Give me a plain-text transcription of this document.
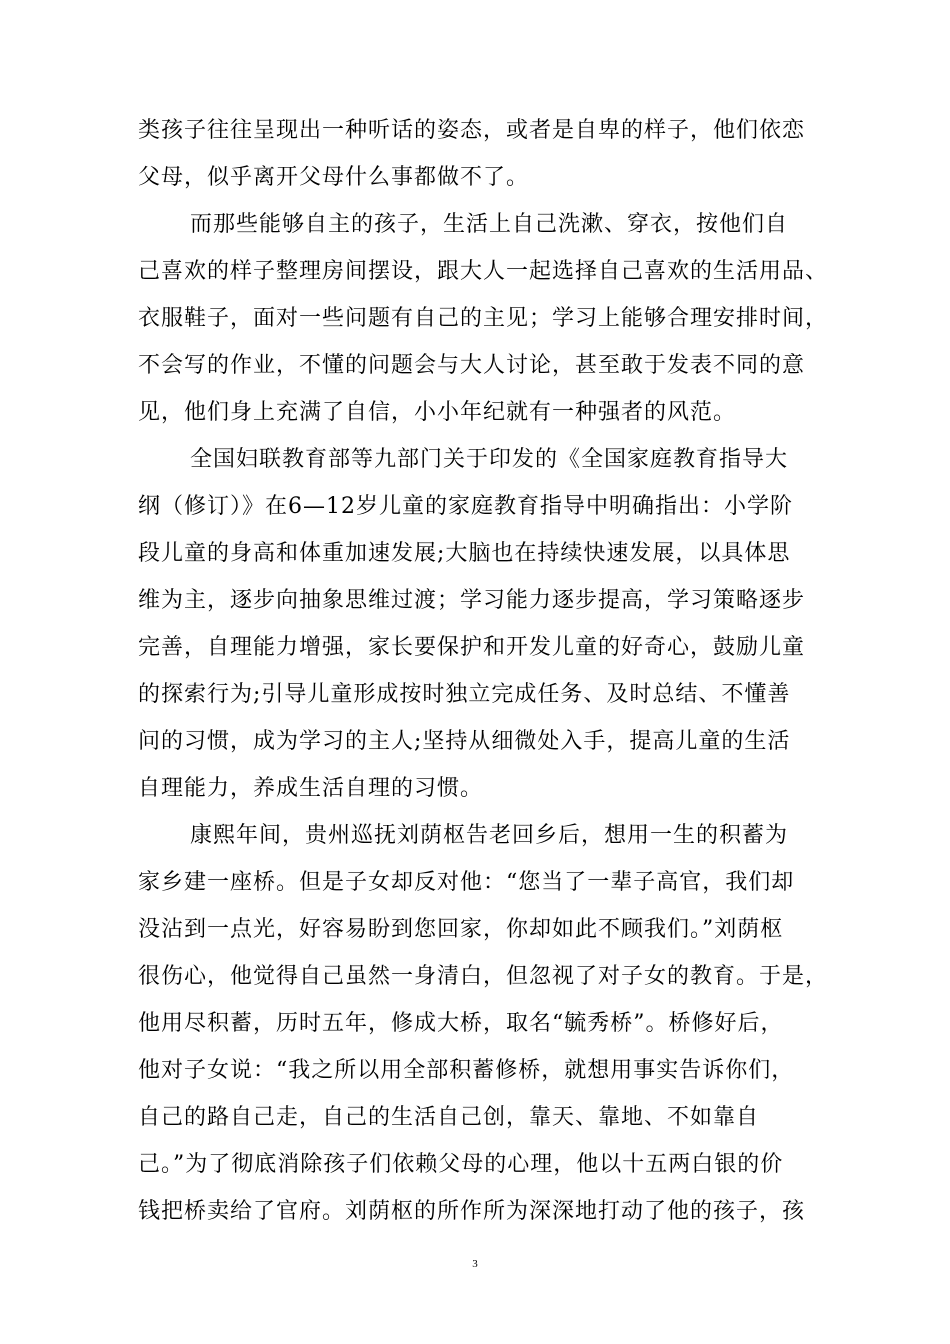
类孩子往往呈现出一种听话的姿态，或者是自卑的样子，他们依恋
父母，似乎离开父母什么事都做不了。
而那些能够自主的孩子，生活上自己洗漱、穿衣，按他们自
己喜欢的样子整理房间摆设，跟大人一起选择自己喜欢的生活用品、
衣服鞋子，面对一些问题有自己的主见；学习上能够合理安排时间，
不会写的作业，不懂的问题会与大人讨论，甚至敢于发表不同的意
见，他们身上充满了自信，小小年纪就有一种强者的风范。
全国妇联教育部等九部门关于印发的《全国家庭教育指导大
纲（修订）》在6—12岁儿童的家庭教育指导中明确指出：小学阶
段儿童的身高和体重加速发展;大脑也在持续快速发展，以具体思
维为主，逐步向抽象思维过渡；学习能力逐步提高，学习策略逐步
完善，自理能力增强，家长要保护和开发儿童的好奇心，鼓励儿童
的探索行为;引导儿童形成按时独立完成任务、及时总结、不懂善
问的习惯，成为学习的主人;坚持从细微处入手，提高儿童的生活
自理能力，养成生活自理的习惯。
康熙年间，贵州巡抚刘荫枢告老回乡后，想用一生的积蓄为
家乡建一座桥。但是子女却反对他：“您当了一辈子高官，我们却
没沾到一点光，好容易盼到您回家，你却如此不顾我们。”刘荫枢
很伤心，他觉得自己虽然一身清白，但忽视了对子女的教育。于是，
他用尽积蓄，历时五年，修成大桥，取名“毓秀桥”。桥修好后，
他对子女说：“我之所以用全部积蓄修桥，就想用事实告诉你们，
自己的路自己走，自己的生活自己创，靠天、靠地、不如靠自
己。”为了彻底消除孩子们依赖父母的心理，他以十五两白银的价
钱把桥卖给了官府。刘荫枢的所作所为深深地打动了他的孩子，孩
3
